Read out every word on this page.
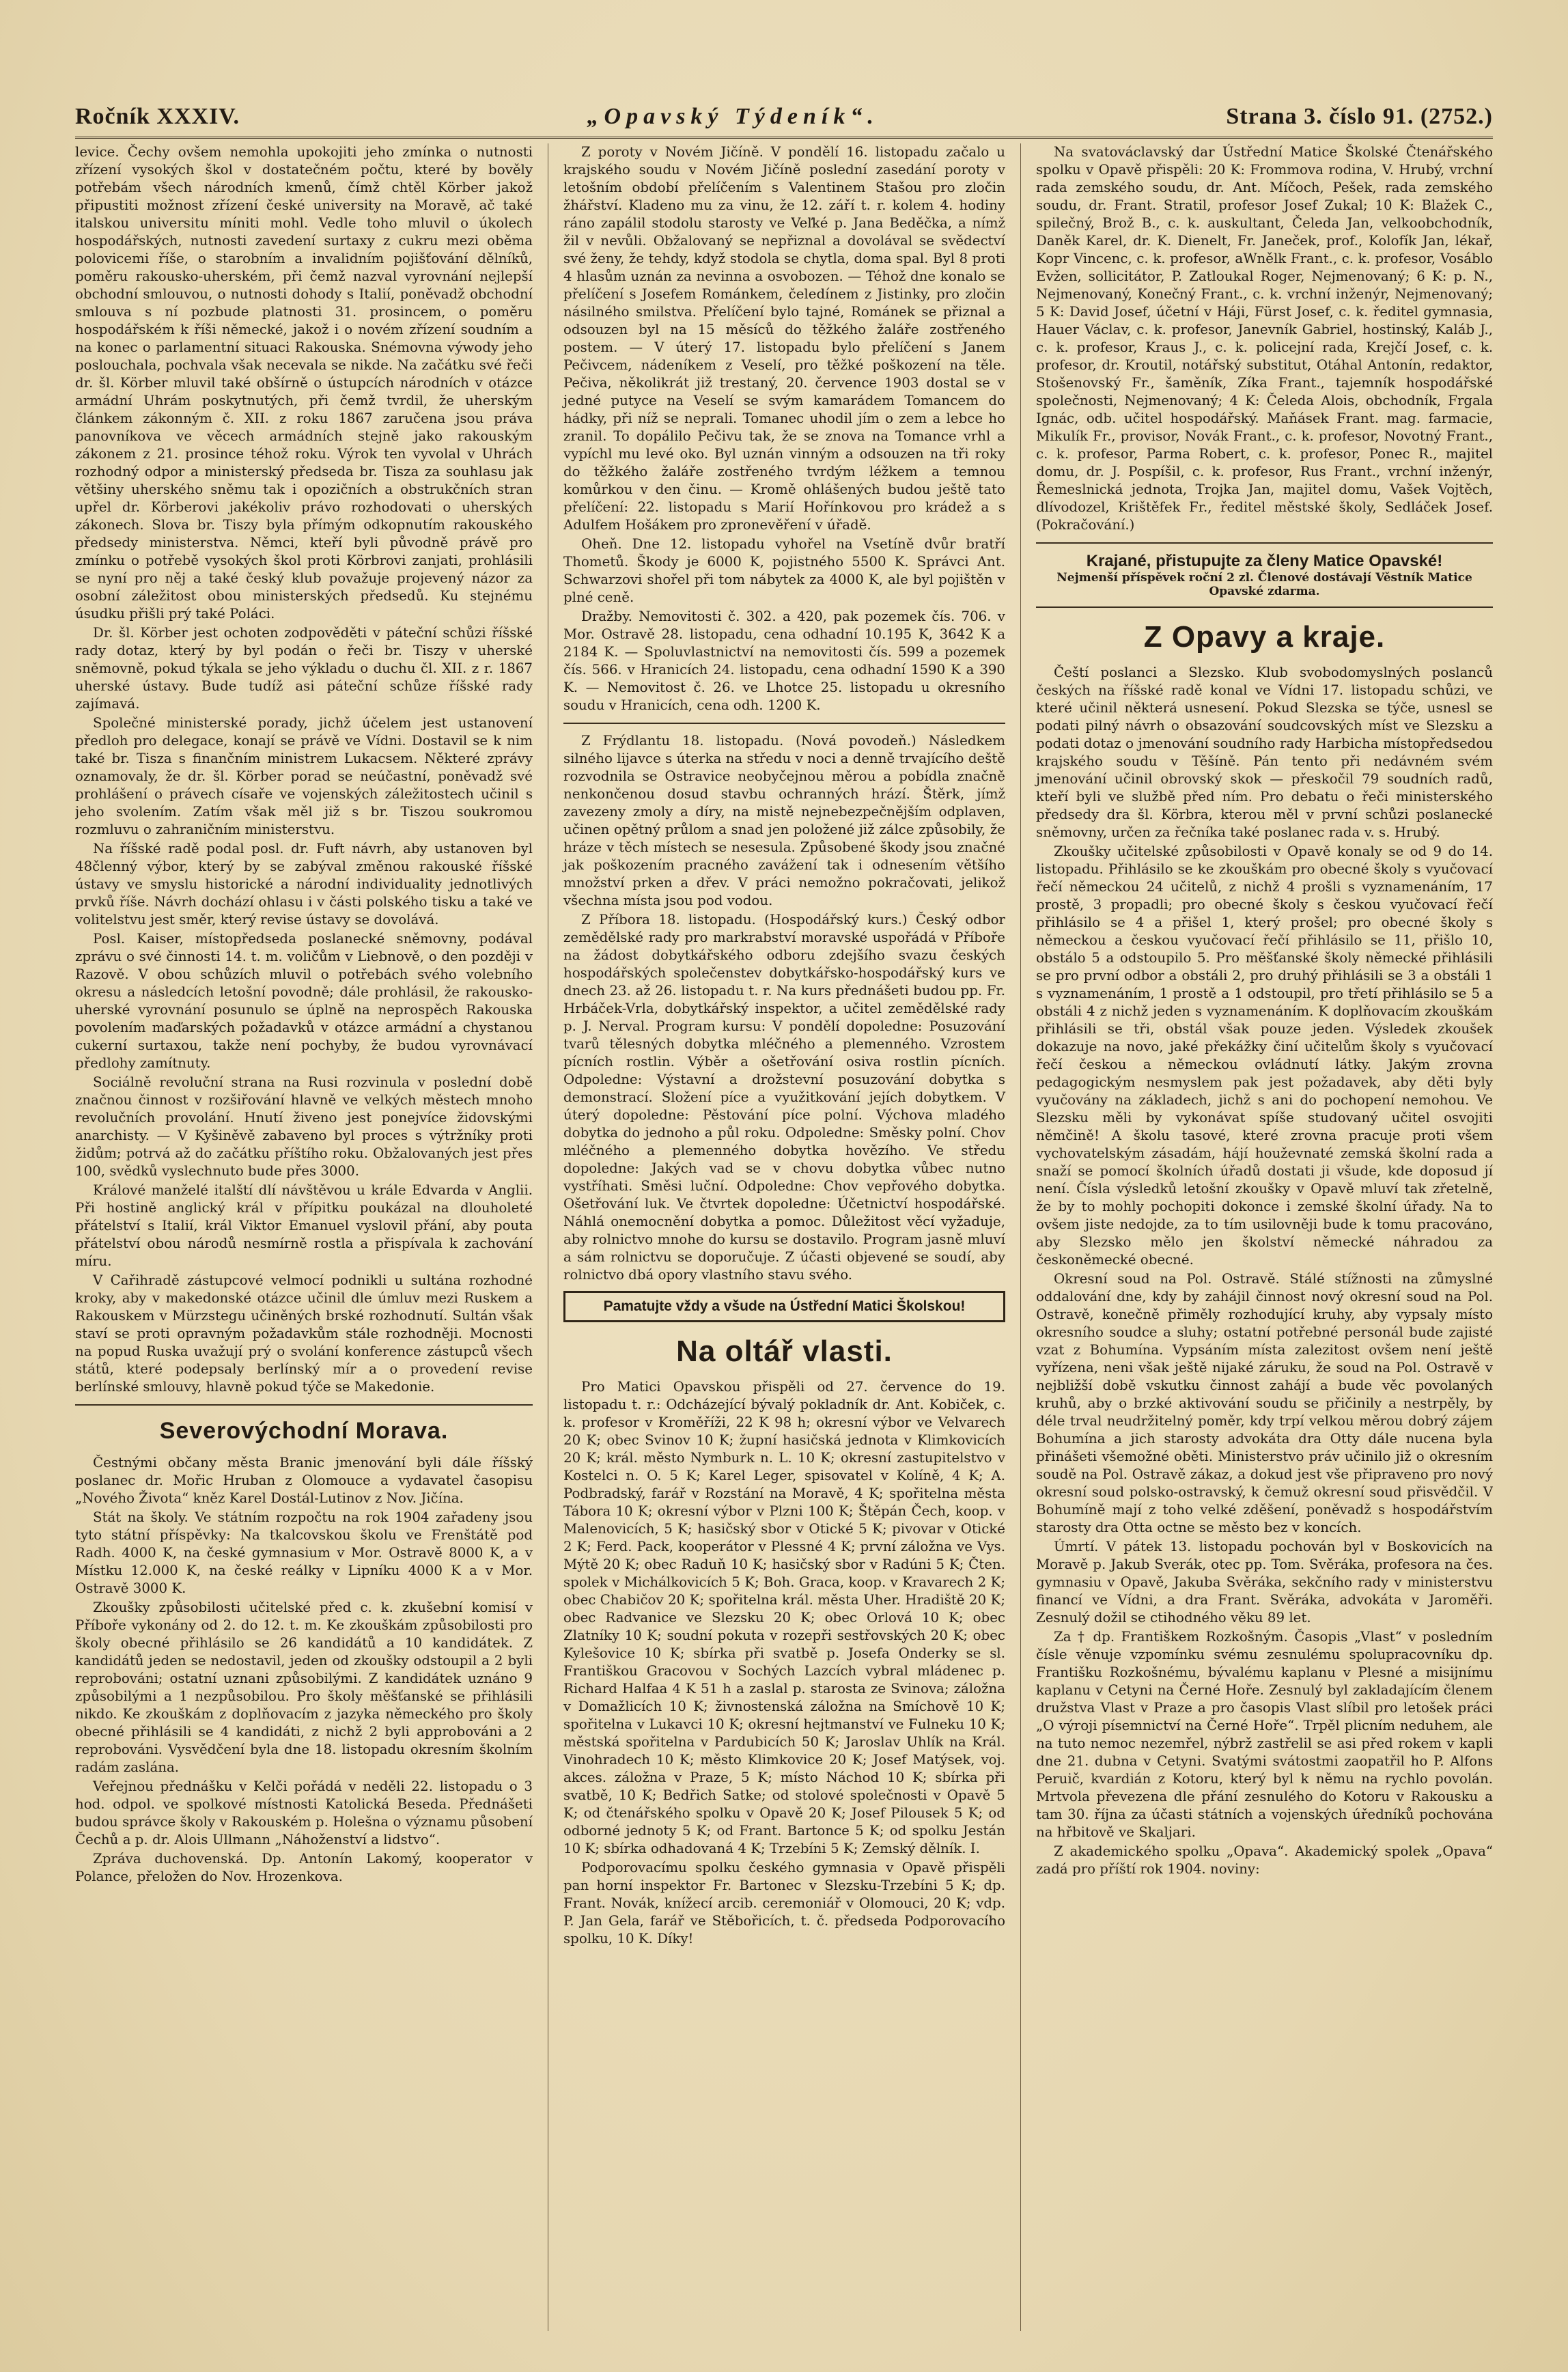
Ročník XXXIV.	„Opavský Týdeník“.	Strana 3. číslo 91. (2752.)

levice. Čechy ovšem nemohla upokojiti jeho zmínka o nutnosti zřízení vysokých škol v dostatečném počtu, které by bověly potřebám všech národních kmenů, čímž chtěl Körber jakož připustiti možnost zřízení české university na Moravě, ač také italskou universitu míniti mohl. Vedle toho mluvil o úkolech hospodářských, nutnosti zavedení surtaxy z cukru mezi oběma polovicemi říše, o starobním a invalidním pojišťování dělníků, poměru rakousko-uherském, při čemž nazval vyrovnání nejlepší obchodní smlouvou, o nutnosti dohody s Italií, poněvadž obchodní smlouva s ní pozbude platnosti 31. prosincem, o poměru hospodářském k říši německé, jakož i o novém zřízení soudním a na konec o parlamentní situaci Rakouska. Snémovna výwody jeho poslouchala, pochvala však necevala se nikde. Na začátku své řeči dr. šl. Körber mluvil také obšírně o ústupcích národních v otázce armádní Uhrám poskytnutých, při čemž tvrdil, že uherským článkem zákonným č. XII. z roku 1867 zaručena jsou práva panovníkova ve věcech armádních stejně jako rakouským zákonem z 21. prosince téhož roku. Výrok ten vyvolal v Uhrách rozhodný odpor a ministerský předseda br. Tisza za souhlasu jak většiny uherského sněmu tak i opozičních a obstrukčních stran upřel dr. Körberovi jakékoliv právo rozhodovati o uherských zákonech. Slova br. Tiszy byla přímým odkopnutím rakouského předsedy ministerstva. Němci, kteří byli původně právě pro zmínku o potřebě vysokých škol proti Körbrovi zanjati, prohlásili se nyní pro něj a také český klub považuje projevený názor za osobní záležitost obou ministerských předsedů. Ku stejnému úsudku přišli prý také Poláci.

Dr. šl. Körber jest ochoten zodpověděti v páteční schůzi říšské rady dotaz, který by byl podán o řeči br. Tiszy v uherské sněmovně, pokud týkala se jeho výkladu o duchu čl. XII. z r. 1867 uherské ústavy. Bude tudíž asi páteční schůze říšské rady zajímavá.

Společné ministerské porady, jichž účelem jest ustanovení předloh pro delegace, konají se právě ve Vídni. Dostavil se k nim také br. Tisza s finančním ministrem Lukacsem. Některé zprávy oznamovaly, že dr. šl. Körber porad se neúčastní, poněvadž své prohlášení o právech císaře ve vojenských záležitostech učinil s jeho svolením. Zatím však měl již s br. Tiszou soukromou rozmluvu o zahraničním ministerstvu.

Na říšské radě podal posl. dr. Fuft návrh, aby ustanoven byl 48členný výbor, který by se zabýval změnou rakouské říšské ústavy ve smyslu historické a národní individuality jednotlivých prvků říše. Návrh dochází ohlasu i v části polského tisku a také ve volitelstvu jest směr, který revise ústavy se dovolává.

Posl. Kaiser, místopředseda poslanecké sněmovny, podával zprávu o své činnosti 14. t. m. voličům v Liebnově, o den později v Razově. V obou schůzích mluvil o potřebách svého volebního okresu a následcích letošní povodně; dále prohlásil, že rakousko-uherské vyrovnání posunulo se úplně na neprospěch Rakouska povolením maďarských požadavků v otázce armádní a chystanou cukerní surtaxou, takže není pochyby, že budou vyrovnávací předlohy zamítnuty.

Sociálně revoluční strana na Rusi rozvinula v poslední době značnou činnost v rozšiřování hlavně ve velkých městech mnoho revolučních provolání. Hnutí živeno jest ponejvíce židovskými anarchisty. — V Kyšiněvě zabaveno byl proces s výtržníky proti židům; potrvá až do začátku příštího roku. Obžalovaných jest přes 100, svědků vyslechnuto bude přes 3000.

Králové manželé italští dlí návštěvou u krále Edvarda v Anglii. Při hostině anglický král v přípitku poukázal na dlouholeté přátelství s Italií, král Viktor Emanuel vyslovil přání, aby pouta přátelství obou národů nesmírně rostla a přispívala k zachování míru.

V Cařihradě zástupcové velmocí podnikli u sultána rozhodné kroky, aby v makedonské otázce učinil dle úmluv mezi Ruskem a Rakouskem v Mürzstegu učiněných brské rozhodnutí. Sultán však staví se proti opravným požadavkům stále rozhodněji. Mocnosti na popud Ruska uvažují prý o svolání konference zástupců všech států, které podepsaly berlínský mír a o provedení revise berlínské smlouvy, hlavně pokud týče se Makedonie.

Severovýchodní Morava.

Čestnými občany města Branic jmenování byli dále říšský poslanec dr. Mořic Hruban z Olomouce a vydavatel časopisu „Nového Života“ kněz Karel Dostál-Lutinov z Nov. Jičína.

Stát na školy. Ve státním rozpočtu na rok 1904 zařadeny jsou tyto státní příspěvky: Na tkalcovskou školu ve Frenštátě pod Radh. 4000 K, na české gymnasium v Mor. Ostravě 8000 K, a v Místku 12.000 K, na české reálky v Lipníku 4000 K a v Mor. Ostravě 3000 K.

Zkoušky způsobilosti učitelské před c. k. zkušební komisí v Příboře vykonány od 2. do 12. t. m. Ke zkouškám způsobilosti pro školy obecné přihlásilo se 26 kandidátů a 10 kandidátek. Z kandidátů jeden se nedostavil, jeden od zkoušky odstoupil a 2 byli reprobováni; ostatní uznani způsobilými. Z kandidátek uznáno 9 způsobilými a 1 nezpůsobilou. Pro školy měšťanské se přihlásili nikdo. Ke zkouškám z doplňovacím z jazyka německého pro školy obecné přihlásili se 4 kandidáti, z nichž 2 byli approbováni a 2 reprobováni. Vysvědčení byla dne 18. listopadu okresním školním radám zaslána.

Veřejnou přednášku v Kelči pořádá v neděli 22. listopadu o 3 hod. odpol. ve spolkové místnosti Katolická Beseda. Přednášeti budou správce školy v Rakouském p. Holešna o významu působení Čechů a p. dr. Alois Ullmann „Náhoženství a lidstvo“.

Zpráva duchovenská. Dp. Antonín Lakomý, kooperator v Polance, přeložen do Nov. Hrozenkova.

Z poroty v Novém Jičíně. V pondělí 16. listopadu začalo u krajského soudu v Novém Jičíně poslední zasedání poroty v letošním období přelíčením s Valentinem Stašou pro zločin žhářství. Kladeno mu za vinu, že 12. září t. r. kolem 4. hodiny ráno zapálil stodolu starosty ve Veľké p. Jana Beděčka, a nímž žil v nevůli. Obžalovaný se nepřiznal a dovolával se svědectví své ženy, že tehdy, když stodola se chytla, doma spal. Byl 8 proti 4 hlasům uznán za nevinna a osvobozen. — Téhož dne konalo se přelíčení s Josefem Románkem, čeledínem z Jistinky, pro zločin násilného smilstva. Přelíčení bylo tajné, Románek se přiznal a odsouzen byl na 15 měsíců do těžkého žaláře zostřeného postem. — V úterý 17. listopadu bylo přelíčení s Janem Pečivcem, nádeníkem z Veselí, pro těžké poškození na těle. Pečiva, několikrát již trestaný, 20. července 1903 dostal se v jedné putyce na Veselí se svým kamarádem Tomancem do hádky, při níž se neprali. Tomanec uhodil jím o zem a lebce ho zranil. To dopálilo Pečivu tak, že se znova na Tomance vrhl a vypíchl mu levé oko. Byl uznán vinným a odsouzen na tři roky do těžkého žaláře zostřeného tvrdým léžkem a temnou komůrkou v den činu. — Kromě ohlášených budou ještě tato přelíčení: 22. listopadu s Marií Hořínkovou pro krádež a s Adulfem Hošákem pro zpronevěření v úřadě.

Oheň. Dne 12. listopadu vyhořel na Vsetíně dvůr bratří Thometů. Škody je 6000 K, pojistného 5500 K. Správci Ant. Schwarzovi shořel při tom nábytek za 4000 K, ale byl pojištěn v plné ceně.

Dražby. Nemovitosti č. 302. a 420, pak pozemek čís. 706. v Mor. Ostravě 28. listopadu, cena odhadní 10.195 K, 3642 K a 2184 K. — Spoluvlastnictví na nemovitosti čís. 599 a pozemek čís. 566. v Hranicích 24. listopadu, cena odhadní 1590 K a 390 K. — Nemovitost č. 26. ve Lhotce 25. listopadu u okresního soudu v Hranicích, cena odh. 1200 K.

Z Frýdlantu 18. listopadu. (Nová povodeň.) Následkem silného lijavce s úterka na středu v noci a denně trvajícího deště rozvodnila se Ostravice neobyčejnou měrou a pobídla značně nenkončenou dosud stavbu ochranných hrází. Štěrk, jímž zavezeny zmoly a díry, na mistě nejnebezpečnějším odplaven, učinen opětný průlom a snad jen položené již zálce způsobily, že hráze v těch místech se nesesula. Způsobené škody jsou značné jak poškozením pracného zavážení tak i odnesením většího množství prken a dřev. V práci nemožno pokračovati, jelikož všechna místa jsou pod vodou.

Z Příbora 18. listopadu. (Hospodářský kurs.) Český odbor zemědělské rady pro markrabství moravské uspořádá v Příboře na žádost dobytkářského odboru zdejšího svazu českých hospodářských společenstev dobytkářsko-hospodářský kurs ve dnech 23. až 26. listopadu t. r. Na kurs přednášeti budou pp. Fr. Hrbáček-Vrla, dobytkářský inspektor, a učitel zemědělské rady p. J. Nerval. Program kursu: V pondělí dopoledne: Posuzování tvarů tělesných dobytka mléčného a plemenného. Vzrostem pícních rostlin. Výběr a ošetřování osiva rostlin pícních. Odpoledne: Výstavní a drožstevní posuzování dobytka s demonstrací. Složení píce a využitkování jejích dobytkem. V úterý dopoledne: Pěstování píce polní. Výchova mladého dobytka do jednoho a půl roku. Odpoledne: Směsky polní. Chov mléčného a plemenného dobytka hovězího. Ve středu dopoledne: Jakých vad se v chovu dobytka vůbec nutno vystříhati. Směsi luční. Odpoledne: Chov vepřového dobytka. Ošetřování luk. Ve čtvrtek dopoledne: Účetnictví hospodářské. Náhlá onemocnění dobytka a pomoc. Důležitost věcí vyžaduje, aby rolnictvo mnohe do kursu se dostavilo. Program jasně mluví a sám rolnictvu se doporučuje. Z účasti objevené se soudí, aby rolnictvo dbá opory vlastního stavu svého.

Pamatujte vždy a všude na Ústřední Matici Školskou!
Na oltář vlasti.

Pro Matici Opavskou přispěli od 27. července do 19. listopadu t. r.: Odcházející bývalý pokladník dr. Ant. Kobiček, c. k. profesor v Kroměříži, 22 K 98 h; okresní výbor ve Velvarech 20 K; obec Svinov 10 K; župní hasičská jednota v Klimkovicích 20 K; král. město Nymburk n. L. 10 K; okresní zastupitelstvo v Kostelci n. O. 5 K; Karel Leger, spisovatel v Kolíně, 4 K; A. Podbradský, farář v Rozstání na Moravě, 4 K; spořitelna města Tábora 10 K; okresní výbor v Plzni 100 K; Štěpán Čech, koop. v Malenovicích, 5 K; hasičský sbor v Otické 5 K; pivovar v Otické 2 K; Ferd. Pack, kooperátor v Plessné 4 K; první záložna ve Vys. Mýtě 20 K; obec Raduň 10 K; hasičský sbor v Radúni 5 K; Čten. spolek v Michálkovicích 5 K; Boh. Graca, koop. v Kravarech 2 K; obec Chabičov 20 K; spořitelna král. města Uher. Hradiště 20 K; obec Radvanice ve Slezsku 20 K; obec Orlová 10 K; obec Zlatníky 10 K; soudní pokuta v rozepři sestřovských 20 K; obec Kylešovice 10 K; sbírka při svatbě p. Josefa Onderky se sl. Františkou Gracovou v Sochých Lazcích vybral mládenec p. Richard Halfaa 4 K 51 h a zaslal p. starosta ze Svinova; záložna v Domažlicích 10 K; živnostenská záložna na Smíchově 10 K; spořitelna v Lukavci 10 K; okresní hejtmanství ve Fulneku 10 K; městská spořitelna v Pardubicích 50 K; Jaroslav Uhlík na Král. Vinohradech 10 K; město Klimkovice 20 K; Josef Matýsek, voj. akces. záložna v Praze, 5 K; místo Náchod 10 K; sbírka při svatbě, 10 K; Bedřich Satke; od stolové společnosti v Opavě 5 K; od čtenářského spolku v Opavě 20 K; Josef Pilousek 5 K; od odborné jednoty 5 K; od Frant. Bartonce 5 K; od spolku Jestán 10 K; sbírka odhadovaná 4 K; Trzebíni 5 K; Zemský dělník. I.

Podporovacímu spolku českého gymnasia v Opavě přispěli pan horní inspektor Fr. Bartonec v Slezsku-Trzebíni 5 K; dp. Frant. Novák, knížecí arcib. ceremoniář v Olomouci, 20 K; vdp. P. Jan Gela, farář ve Stěbořicích, t. č. předseda Podporovacího spolku, 10 K. Díky!

Na svatováclavský dar Ústřední Matice Školské Čtenářského spolku v Opavě přispěli: 20 K: Frommova rodina, V. Hrubý, vrchní rada zemského soudu, dr. Ant. Míčoch, Pešek, rada zemského soudu, dr. Frant. Stratil, profesor Josef Zukal; 10 K: Blažek C., spilečný, Brož B., c. k. auskultant, Čeleda Jan, velkoobchodník, Daněk Karel, dr. K. Dienelt, Fr. Janeček, prof., Kolofík Jan, lékař, Kopr Vincenc, c. k. profesor, aWnělk Frant., c. k. profesor, Vosáblo Evžen, sollicitátor, P. Zatloukal Roger, Nejmenovaný; 6 K: p. N., Nejmenovaný, Konečný Frant., c. k. vrchní inženýr, Nejmenovaný; 5 K: David Josef, účetní v Háji, Fürst Josef, c. k. ředitel gymnasia, Hauer Václav, c. k. profesor, Janevník Gabriel, hostinský, Kaláb J., c. k. profesor, Kraus J., c. k. policejní rada, Krejčí Josef, c. k. profesor, dr. Kroutil, notářský substitut, Otáhal Antonín, redaktor, Stošenovský Fr., šaměník, Zíka Frant., tajemník hospodářské společnosti, Nejmenovaný; 4 K: Čeleda Alois, obchodník, Frgala Ignác, odb. učitel hospodářský. Maňásek Frant. mag. farmacie, Mikulík Fr., provisor, Novák Frant., c. k. profesor, Novotný Frant., c. k. profesor, Parma Robert, c. k. profesor, Ponec R., majitel domu, dr. J. Pospíšil, c. k. profesor, Rus Frant., vrchní inženýr, Řemeslnická jednota, Trojka Jan, majitel domu, Vašek Vojtěch, dlívodozel, Krištěfek Fr., ředitel městské školy, Sedláček Josef. (Pokračování.)

Krajané, přistupujte za členy Matice Opavské!
Nejmenší příspěvek roční 2 zl. Členové dostávají Věstník Matice Opavské zdarma.
Z Opavy a kraje.

Čeští poslanci a Slezsko. Klub svobodomyslných poslanců českých na říšské radě konal ve Vídni 17. listopadu schůzi, ve které učinil některá usnesení. Pokud Slezska se týče, usnesl se podati pilný návrh o obsazování soudcovských míst ve Slezsku a podati dotaz o jmenování soudního rady Harbicha místopředsedou krajského soudu v Těšíně. Pán tento při nedávném svém jmenování učinil obrovský skok — přeskočil 79 soudních radů, kteří byli ve službě před ním. Pro debatu o řeči ministerského předsedy dra šl. Körbra, kterou měl v první schůzi poslanecké sněmovny, určen za řečníka také poslanec rada v. s. Hrubý.

Zkoušky učitelské způsobilosti v Opavě konaly se od 9 do 14. listopadu. Přihlásilo se ke zkouškám pro obecné školy s vyučovací řečí německou 24 učitelů, z nichž 4 prošli s vyznamenáním, 17 prostě, 3 propadli; pro obecné školy s českou vyučovací řečí přihlásilo se 4 a přišel 1, který prošel; pro obecné školy s německou a českou vyučovací řečí přihlásilo se 11, přišlo 10, obstálo 5 a odstoupilo 5. Pro měšťanské školy německé přihlásili se pro první odbor a obstáli 2, pro druhý přihlásili se 3 a obstáli 1 s vyznamenáním, 1 prostě a 1 odstoupil, pro třetí přihlásilo se 5 a obstáli 4 z nichž jeden s vyznamenáním. K doplňovacím zkouškám přihlásili se tři, obstál však pouze jeden. Výsledek zkoušek dokazuje na novo, jaké překážky činí učitelům školy s vyučovací řečí českou a německou ovládnutí látky. Jakým zrovna pedagogickým nesmyslem pak jest požadavek, aby děti byly vyučovány na základech, jichž s ani do pochopení nemohou. Ve Slezsku měli by vykonávat spíše studovaný učitel osvojiti němčině! A školu tasové, které zrovna pracuje proti všem vychovatelským zásadám, hájí houževnaté zemská školní rada a snaží se pomocí školních úřadů dostati ji všude, kde doposud jí není. Čísla výsledků letošní zkoušky v Opavě mluví tak zřetelně, že by to mohly pochopiti dokonce i zemské školní úřady. Na to ovšem jiste nedojde, za to tím usilovněji bude k tomu pracováno, aby Slezsko mělo jen školství německé náhradou za českoněmecké obecné.

Okresní soud na Pol. Ostravě. Stálé stížnosti na zůmyslné oddalování dne, kdy by zahájil činnost nový okresní soud na Pol. Ostravě, konečně přiměly rozhodující kruhy, aby vypsaly místo okresního soudce a sluhy; ostatní potřebné personál bude zajisté vzat z Bohumína. Vypsáním místa zalezitost ovšem není ještě vyřízena, neni však ještě nijaké záruku, že soud na Pol. Ostravě v nejbližší době vskutku činnost zahájí a bude věc povolaných kruhů, aby o brzké aktivování soudu se přičinily a nestrpěly, by déle trval neudržitelný poměr, kdy trpí velkou měrou dobrý zájem Bohumína a jich starosty advokáta dra Otty dále nucena byla přinášeti všemožné oběti. Ministerstvo práv učinilo již o okresním soudě na Pol. Ostravě zákaz, a dokud jest vše připraveno pro nový okresní soud polsko-ostravský, k čemuž okresní soud přisvědčil. V Bohumíně mají z toho velké zděšení, poněvadž s hospodářstvím starosty dra Otta octne se město bez v koncích.

Úmrtí. V pátek 13. listopadu pochován byl v Boskovicích na Moravě p. Jakub Sverák, otec pp. Tom. Svěráka, profesora na čes. gymnasiu v Opavě, Jakuba Svěráka, sekčního rady v ministerstvu financí ve Vídni, a dra Frant. Svěráka, advokáta v Jaroměři. Zesnulý dožil se ctihodného věku 89 let.

Za † dp. Františkem Rozkošným. Časopis „Vlast“ v posledním čísle věnuje vzpomínku svému zesnulému spolupracovníku dp. Františku Rozkošnému, bývalému kaplanu v Plesné a misijnímu kaplanu v Cetyni na Černé Hoře. Zesnulý byl zakladajícím členem družstva Vlast v Praze a pro časopis Vlast slíbil pro letošek práci „O výroji písemnictví na Černé Hoře“. Trpěl plicním neduhem, ale na tuto nemoc nezemřel, nýbrž zastřelil se asi před rokem v kapli dne 21. dubna v Cetyni. Svatými svátostmi zaopatřil ho P. Alfons Peruič, kvardián z Kotoru, který byl k němu na rychlo povolán. Mrtvola převezena dle přání zesnulého do Kotoru v Rakousku a tam 30. října za účasti státních a vojenských úředníků pochována na hřbitově ve Skaljari.

Z akademického spolku „Opava“. Akademický spolek „Opava“ zadá pro příští rok 1904. noviny:
